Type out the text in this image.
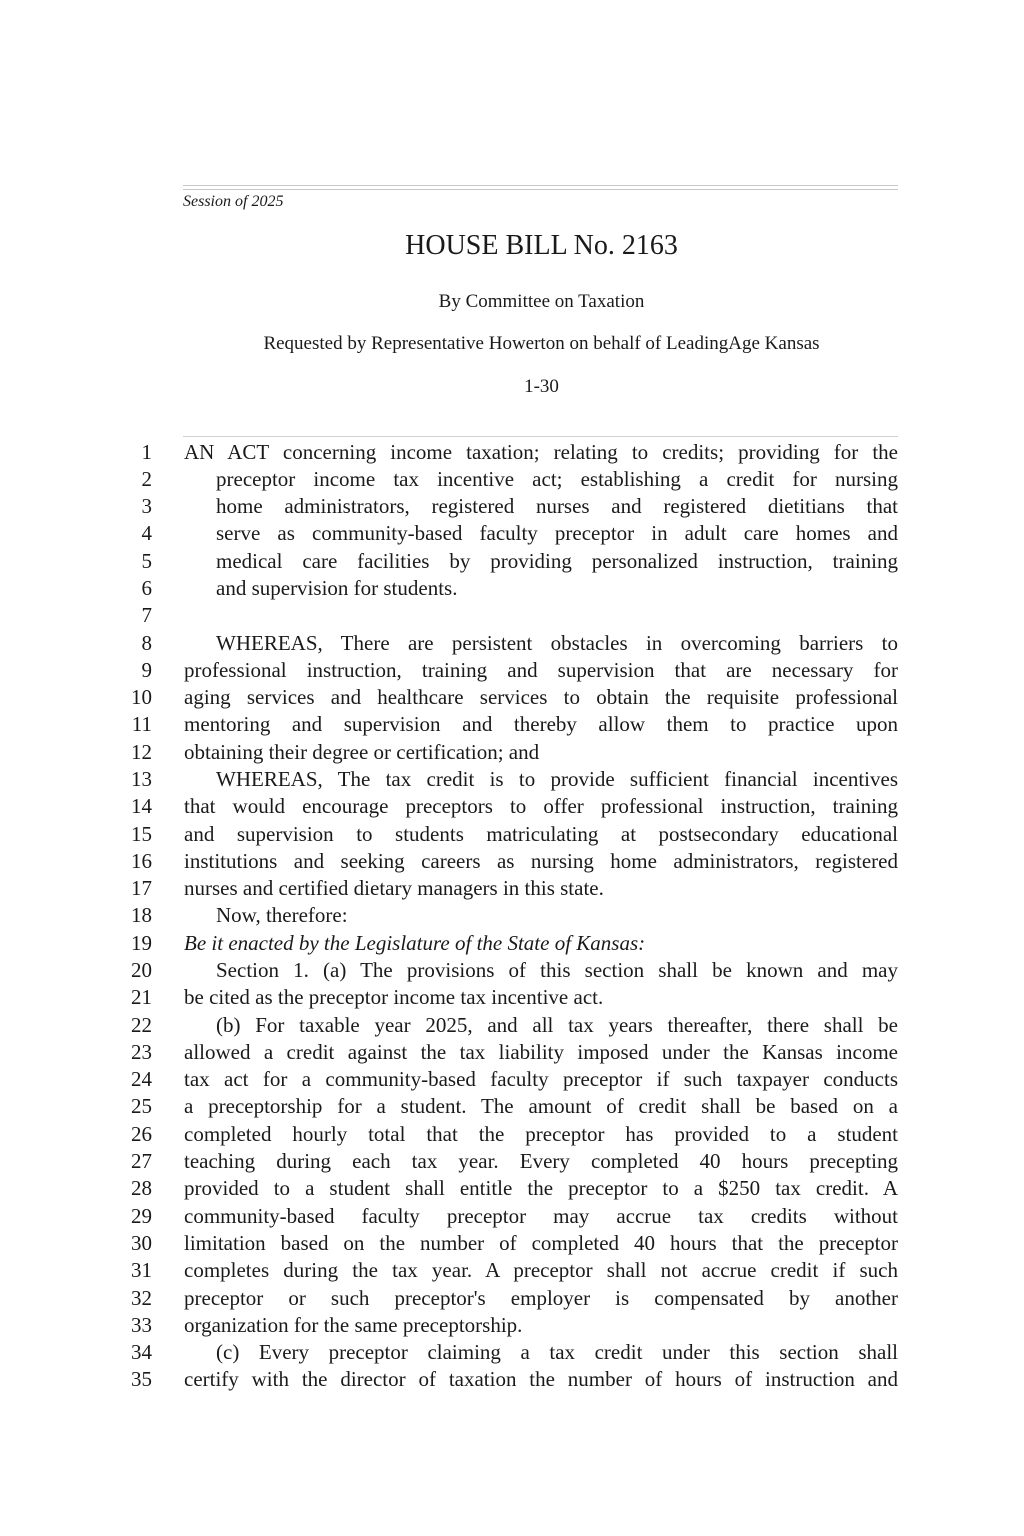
Session of 2025
HOUSE BILL No. 2163
By Committee on Taxation
Requested by Representative Howerton on behalf of LeadingAge Kansas
1-30
1
2
3
4
5
6
7
8
9
10
11
12
13
14
15
16
17
18
19
20
21
22
23
24
25
26
27
28
29
30
31
32
33
34
35
AN ACT concerning income taxation; relating to credits; providing for the
preceptor income tax incentive act; establishing a credit for nursing
home administrators, registered nurses and registered dietitians that
serve as community-based faculty preceptor in adult care homes and
medical care facilities by providing personalized instruction, training
and supervision for students.
WHEREAS, There are persistent obstacles in overcoming barriers to
professional instruction, training and supervision that are necessary for
aging services and healthcare services to obtain the requisite professional
mentoring and supervision and thereby allow them to practice upon
obtaining their degree or certification; and
WHEREAS, The tax credit is to provide sufficient financial incentives
that would encourage preceptors to offer professional instruction, training
and supervision to students matriculating at postsecondary educational
institutions and seeking careers as nursing home administrators, registered
nurses and certified dietary managers in this state.
Now, therefore:
Be it enacted by the Legislature of the State of Kansas:
Section 1. (a) The provisions of this section shall be known and may
be cited as the preceptor income tax incentive act.
(b) For taxable year 2025, and all tax years thereafter, there shall be
allowed a credit against the tax liability imposed under the Kansas income
tax act for a community-based faculty preceptor if such taxpayer conducts
a preceptorship for a student. The amount of credit shall be based on a
completed hourly total that the preceptor has provided to a student
teaching during each tax year. Every completed 40 hours precepting
provided to a student shall entitle the preceptor to a $250 tax credit. A
community-based faculty preceptor may accrue tax credits without
limitation based on the number of completed 40 hours that the preceptor
completes during the tax year. A preceptor shall not accrue credit if such
preceptor or such preceptor's employer is compensated by another
organization for the same preceptorship.
(c) Every preceptor claiming a tax credit under this section shall
certify with the director of taxation the number of hours of instruction and
